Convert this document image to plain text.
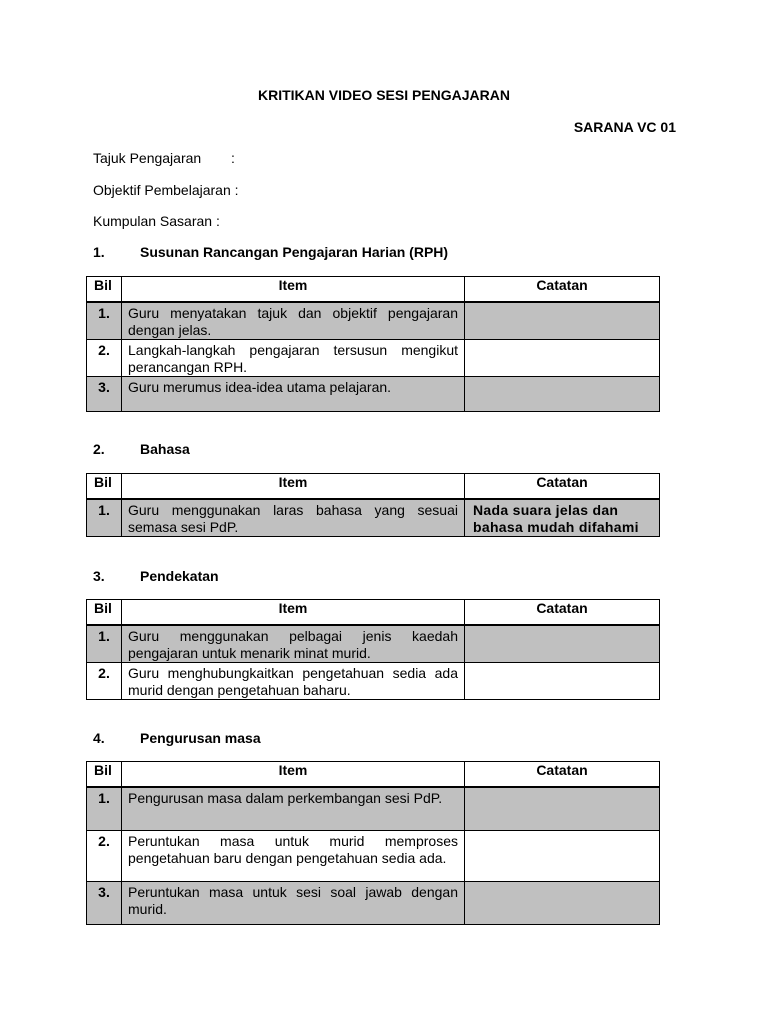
KRITIKAN VIDEO SESI PENGAJARAN
SARANA VC 01
Tajuk Pengajaran :
Objektif Pembelajaran :
Kumpulan Sasaran :
1.	Susunan Rancangan Pengajaran Harian (RPH)
Bil	Item	Catatan
1.	Guru menyatakan tajuk dan objektif pengajaran dengan jelas.	
2.	Langkah-langkah pengajaran tersusun mengikut perancangan RPH.	
3.	Guru merumus idea-idea utama pelajaran.	
2.	Bahasa
Bil	Item	Catatan
1.	Guru menggunakan laras bahasa yang sesuai semasa sesi PdP.	Nada suara jelas dan bahasa mudah difahami
3.	Pendekatan
Bil	Item	Catatan
1.	Guru menggunakan pelbagai jenis kaedah pengajaran untuk menarik minat murid.	
2.	Guru menghubungkaitkan pengetahuan sedia ada murid dengan pengetahuan baharu.	
4.	Pengurusan masa
Bil	Item	Catatan
1.	Pengurusan masa dalam perkembangan sesi PdP.	
2.	Peruntukan masa untuk murid memproses pengetahuan baru dengan pengetahuan sedia ada.	
3.	Peruntukan masa untuk sesi soal jawab dengan murid.	
